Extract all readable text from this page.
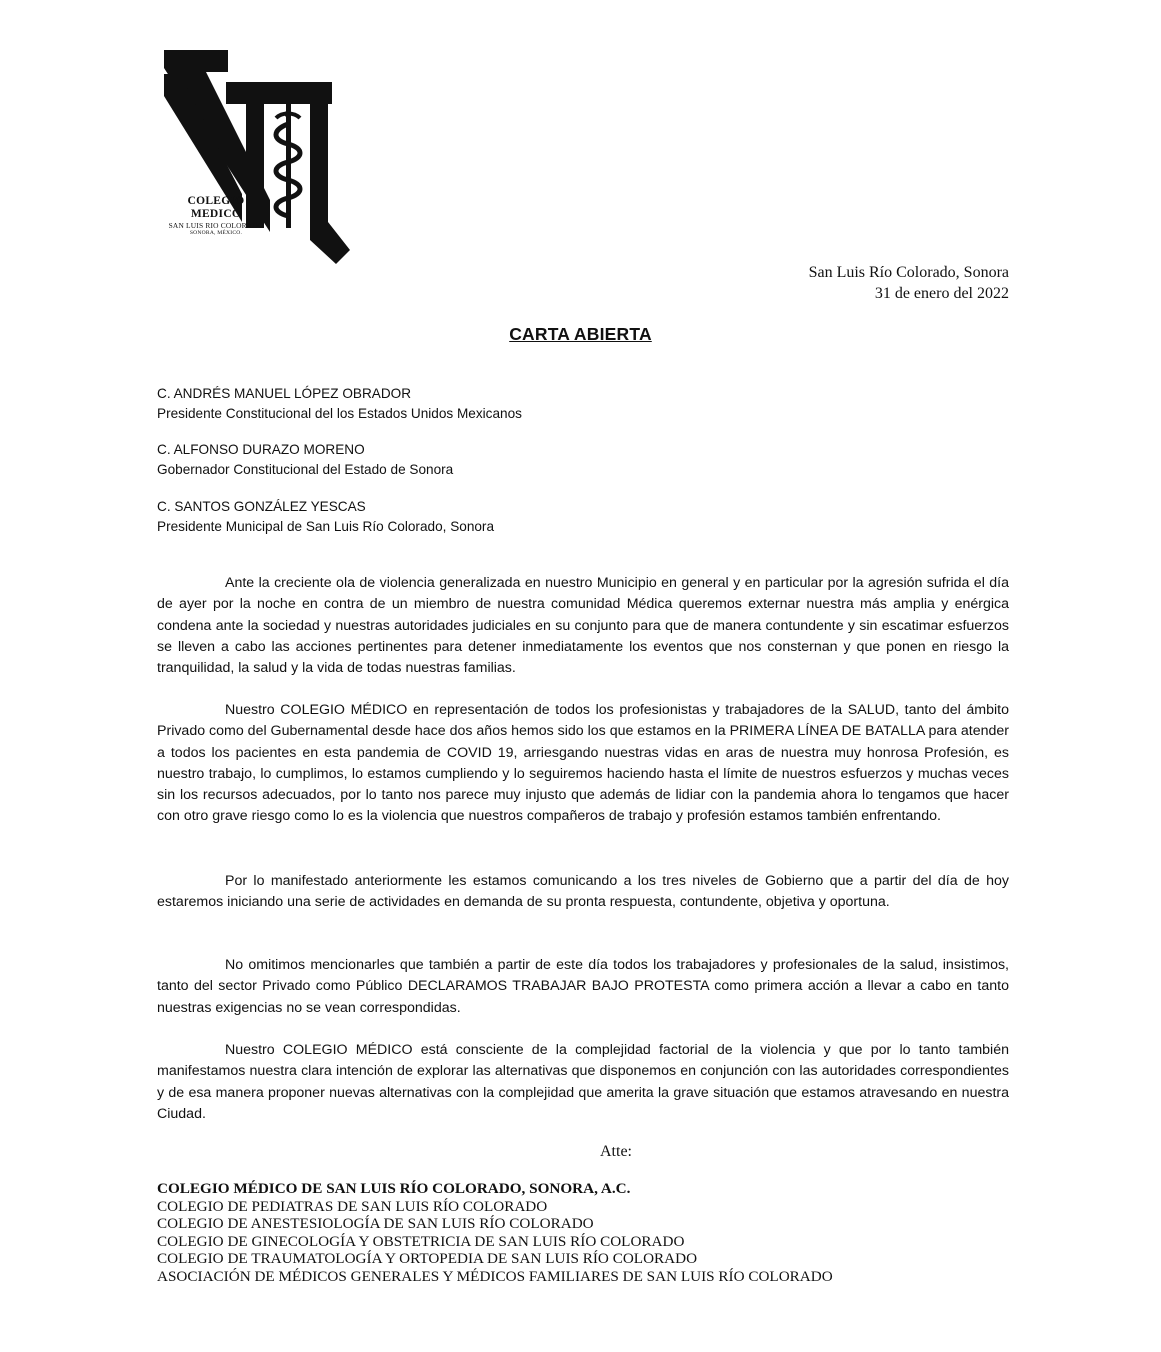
COLEGIO
MEDICO
SAN LUIS RIO COLORADO
SONORA, MÉXICO.
San Luis Río Colorado, Sonora
31 de enero del 2022
CARTA ABIERTA
C. ANDRÉS MANUEL LÓPEZ OBRADOR
Presidente Constitucional del los Estados Unidos Mexicanos
C. ALFONSO DURAZO MORENO
Gobernador Constitucional del Estado de Sonora
C. SANTOS GONZÁLEZ YESCAS
Presidente Municipal de San Luis Río Colorado, Sonora

Ante la creciente ola de violencia generalizada en nuestro Municipio en general y en particular por la agresión sufrida el día de ayer por la noche en contra de un miembro de nuestra comunidad Médica queremos externar nuestra más amplia y enérgica condena ante la sociedad y nuestras autoridades judiciales en su conjunto para que de manera contundente y sin escatimar esfuerzos se lleven a cabo las acciones pertinentes para detener inmediatamente los eventos que nos consternan y que ponen en riesgo la tranquilidad, la salud y la vida de todas nuestras familias.

Nuestro COLEGIO MÉDICO en representación de todos los profesionistas y trabajadores de la SALUD, tanto del ámbito Privado como del Gubernamental desde hace dos años hemos sido los que estamos en la PRIMERA LÍNEA DE BATALLA para atender a todos los pacientes en esta pandemia de COVID 19, arriesgando nuestras vidas en aras de nuestra muy honrosa Profesión, es nuestro trabajo, lo cumplimos, lo estamos cumpliendo y lo seguiremos haciendo hasta el límite de nuestros esfuerzos y muchas veces sin los recursos adecuados, por lo tanto nos parece muy injusto que además de lidiar con la pandemia ahora lo tengamos que hacer con otro grave riesgo como lo es la violencia que nuestros compañeros de trabajo y profesión estamos también enfrentando.

Por lo manifestado anteriormente les estamos comunicando a los tres niveles de Gobierno que a partir del día de hoy estaremos iniciando una serie de actividades en demanda de su pronta respuesta, contundente, objetiva y oportuna.

No omitimos mencionarles que también a partir de este día todos los trabajadores y profesionales de la salud, insistimos, tanto del sector Privado como Público DECLARAMOS TRABAJAR BAJO PROTESTA como primera acción a llevar a cabo en tanto nuestras exigencias no se vean correspondidas.

Nuestro COLEGIO MÉDICO está consciente de la complejidad factorial de la violencia y que por lo tanto también manifestamos nuestra clara intención de explorar las alternativas que disponemos en conjunción con las autoridades correspondientes y de esa manera proponer nuevas alternativas con la complejidad que amerita la grave situación que estamos atravesando en nuestra Ciudad.

Atte:
COLEGIO MÉDICO DE SAN LUIS RÍO COLORADO, SONORA, A.C.
COLEGIO DE PEDIATRAS DE SAN LUIS RÍO COLORADO
COLEGIO DE ANESTESIOLOGÍA DE SAN LUIS RÍO COLORADO
COLEGIO DE GINECOLOGÍA Y OBSTETRICIA DE SAN LUIS RÍO COLORADO
COLEGIO DE TRAUMATOLOGÍA Y ORTOPEDIA DE SAN LUIS RÍO COLORADO
ASOCIACIÓN DE MÉDICOS GENERALES Y MÉDICOS FAMILIARES DE SAN LUIS RÍO COLORADO
